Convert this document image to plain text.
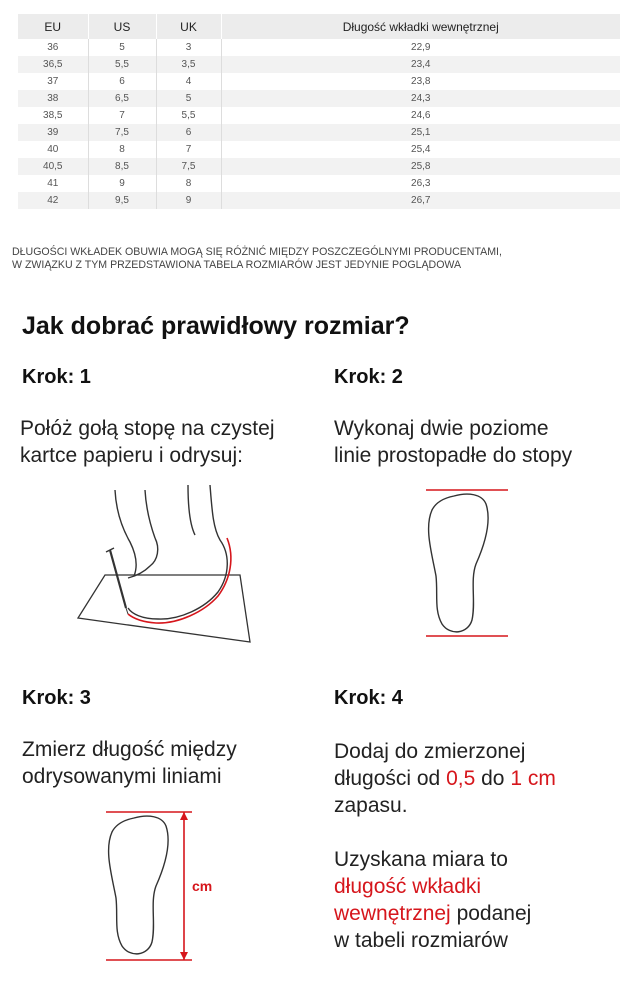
EU	US	UK	Długość wkładki wewnętrznej
36	5	3	22,9
36,5	5,5	3,5	23,4
37	6	4	23,8
38	6,5	5	24,3
38,5	7	5,5	24,6
39	7,5	6	25,1
40	8	7	25,4
40,5	8,5	7,5	25,8
41	9	8	26,3
42	9,5	9	26,7
DŁUGOŚCI WKŁADEK OBUWIA MOGĄ SIĘ RÓŻNIĆ MIĘDZY POSZCZEGÓLNYMI PRODUCENTAMI,
W ZWIĄZKU Z TYM PRZEDSTAWIONA TABELA ROZMIARÓW JEST JEDYNIE POGLĄDOWA
Jak dobrać prawidłowy rozmiar?
Krok: 1
Połóż gołą stopę na czystej
kartce papieru i odrysuj:
Krok: 2
Wykonaj dwie poziome
linie prostopadłe do stopy
Krok: 3
Zmierz długość między
odrysowanymi liniami
cm
Krok: 4
Dodaj do zmierzonej
długości od 0,5 do 1 cm
zapasu.
Uzyskana miara to
długość wkładki
wewnętrznej podanej
w tabeli rozmiarów
